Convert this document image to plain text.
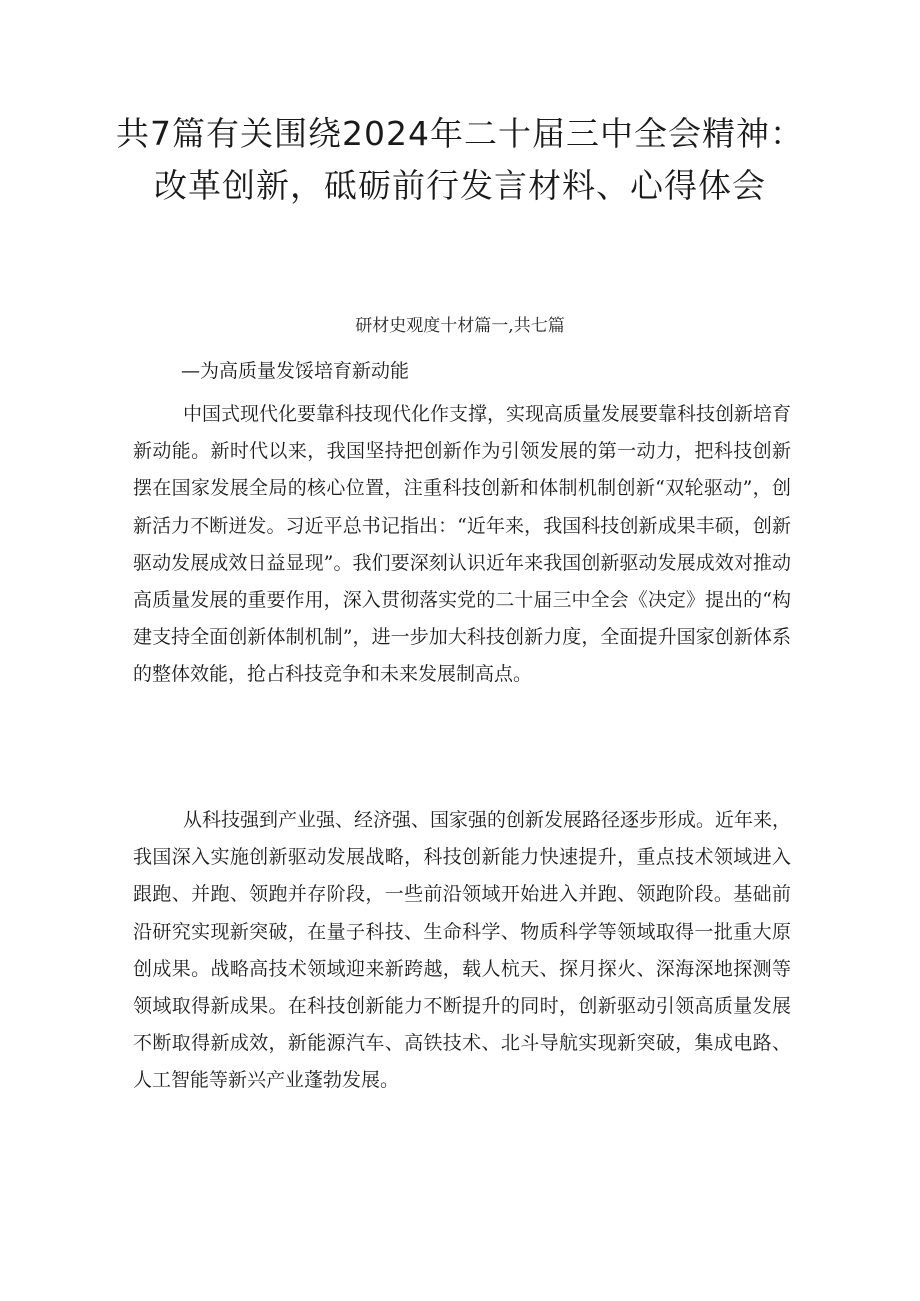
共7篇有关围绕2024年二十届三中全会精神：改革创新，砥砺前行发言材料、心得体会
研材史观度十材篇一,共七篇
—为高质量发馁培育新动能

中国式现代化要靠科技现代化作支撑，实现高质量发展要靠科技创新培育新动能。新时代以来，我国坚持把创新作为引领发展的第一动力，把科技创新摆在国家发展全局的核心位置，注重科技创新和体制机制创新“双轮驱动”，创新活力不断迸发。习近平总书记指出：“近年来，我国科技创新成果丰硕，创新驱动发展成效日益显现”。我们要深刻认识近年来我国创新驱动发展成效对推动高质量发展的重要作用，深入贯彻落实党的二十届三中全会《决定》提出的“构建支持全面创新体制机制”，进一步加大科技创新力度，全面提升国家创新体系的整体效能，抢占科技竞争和未来发展制高点。

从科技强到产业强、经济强、国家强的创新发展路径逐步形成。近年来，我国深入实施创新驱动发展战略，科技创新能力快速提升，重点技术领域进入跟跑、并跑、领跑并存阶段，一些前沿领域开始进入并跑、领跑阶段。基础前沿研究实现新突破，在量子科技、生命科学、物质科学等领域取得一批重大原创成果。战略高技术领域迎来新跨越，载人杭天、探月探火、深海深地探测等领域取得新成果。在科技创新能力不断提升的同时，创新驱动引领高质量发展不断取得新成效，新能源汽车、高铁技术、北斗导航实现新突破，集成电路、人工智能等新兴产业蓬勃发展。
